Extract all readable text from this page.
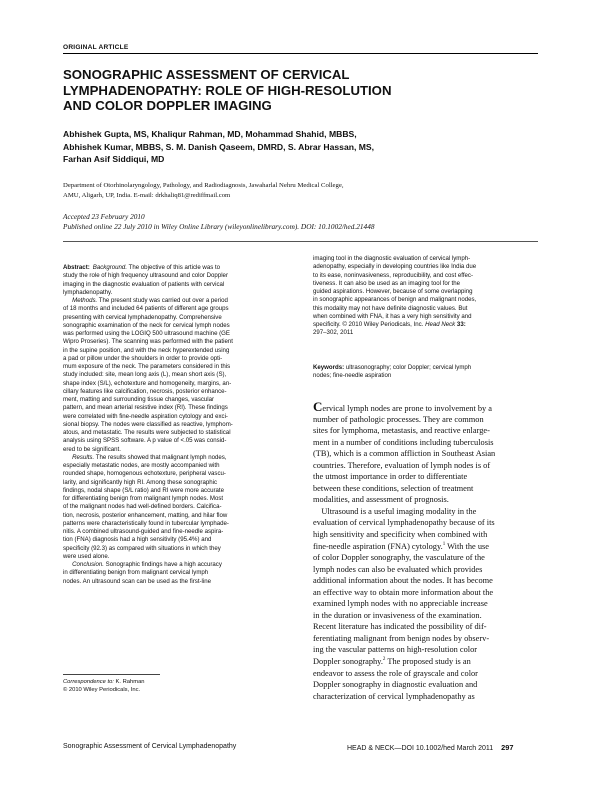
ORIGINAL ARTICLE
SONOGRAPHIC ASSESSMENT OF CERVICAL
LYMPHADENOPATHY: ROLE OF HIGH-RESOLUTION
AND COLOR DOPPLER IMAGING
Abhishek Gupta, MS, Khaliqur Rahman, MD, Mohammad Shahid, MBBS,
Abhishek Kumar, MBBS, S. M. Danish Qaseem, DMRD, S. Abrar Hassan, MS,
Farhan Asif Siddiqui, MD
Department of Otorhinolaryngology, Pathology, and Radiodiagnosis, Jawaharlal Nehru Medical College,
AMU, Aligarh, UP, India. E-mail: drkhaliq81@rediffmail.com
Accepted 23 February 2010
Published online 22 July 2010 in Wiley Online Library (wileyonlinelibrary.com). DOI: 10.1002/hed.21448
Abstract:  Background. The objective of this article was to
study the role of high frequency ultrasound and color Doppler
imaging in the diagnostic evaluation of patients with cervical
lymphadenopathy.
  Methods. The present study was carried out over a period
of 18 months and included 64 patients of different age groups
presenting with cervical lymphadenopathy. Comprehensive
sonographic examination of the neck for cervical lymph nodes
was performed using the LOGIQ 500 ultrasound machine (GE
Wipro Proseries). The scanning was performed with the patient
in the supine position, and with the neck hyperextended using
a pad or pillow under the shoulders in order to provide opti-
mum exposure of the neck. The parameters considered in this
study included: site, mean long axis (L), mean short axis (S),
shape index (S/L), echotexture and homogeneity, margins, an-
cillary features like calcification, necrosis, posterior enhance-
ment, matting and surrounding tissue changes, vascular
pattern, and mean arterial resistive index (RI). These findings
were correlated with fine-needle aspiration cytology and exci-
sional biopsy. The nodes were classified as reactive, lymphom-
atous, and metastatic. The results were subjected to statistical
analysis using SPSS software. A p value of <.05 was consid-
ered to be significant.
  Results. The results showed that malignant lymph nodes,
especially metastatic nodes, are mostly accompanied with
rounded shape, homogenous echotexture, peripheral vascu-
larity, and significantly high RI. Among these sonographic
findings, nodal shape (S/L ratio) and RI were more accurate
for differentiating benign from malignant lymph nodes. Most
of the malignant nodes had well-defined borders. Calcifica-
tion, necrosis, posterior enhancement, matting, and hilar flow
patterns were characteristically found in tubercular lymphade-
nitis. A combined ultrasound-guided and fine-needle aspira-
tion (FNA) diagnosis had a high sensitivity (95.4%) and
specificity (92.3) as compared with situations in which they
were used alone.
  Conclusion. Sonographic findings have a high accuracy
in differentiating benign from malignant cervical lymph
nodes. An ultrasound scan can be used as the first-line
imaging tool in the diagnostic evaluation of cervical lymph-
adenopathy, especially in developing countries like India due
to its ease, noninvasiveness, reproducibility, and cost effec-
tiveness. It can also be used as an imaging tool for the
guided aspirations. However, because of some overlapping
in sonographic appearances of benign and malignant nodes,
this modality may not have definite diagnostic values. But
when combined with FNA, it has a very high sensitivity and
specificity. © 2010 Wiley Periodicals, Inc. Head Neck 33:
297–302, 2011
Keywords: ultrasonography; color Doppler; cervical lymph
nodes; fine-needle aspiration
Cervical lymph nodes are prone to involvement by a
number of pathologic processes. They are common
sites for lymphoma, metastasis, and reactive enlarge-
ment in a number of conditions including tuberculosis
(TB), which is a common affliction in Southeast Asian
countries. Therefore, evaluation of lymph nodes is of
the utmost importance in order to differentiate
between these conditions, selection of treatment
modalities, and assessment of prognosis.
Ultrasound is a useful imaging modality in the
evaluation of cervical lymphadenopathy because of its
high sensitivity and specificity when combined with
fine-needle aspiration (FNA) cytology.$^1$ With the use
of color Doppler sonography, the vasculature of the
lymph nodes can also be evaluated which provides
additional information about the nodes. It has become
an effective way to obtain more information about the
examined lymph nodes with no appreciable increase
in the duration or invasiveness of the examination.
Recent literature has indicated the possibility of dif-
ferentiating malignant from benign nodes by observ-
ing the vascular patterns on high-resolution color
Doppler sonography.$^2$ The proposed study is an
endeavor to assess the role of grayscale and color
Doppler sonography in diagnostic evaluation and
characterization of cervical lymphadenopathy as
Correspondence to: K. Rahman
© 2010 Wiley Periodicals, Inc.
Sonographic Assessment of Cervical Lymphadenopathy	HEAD & NECK—DOI 10.1002/hed March 2011 297
